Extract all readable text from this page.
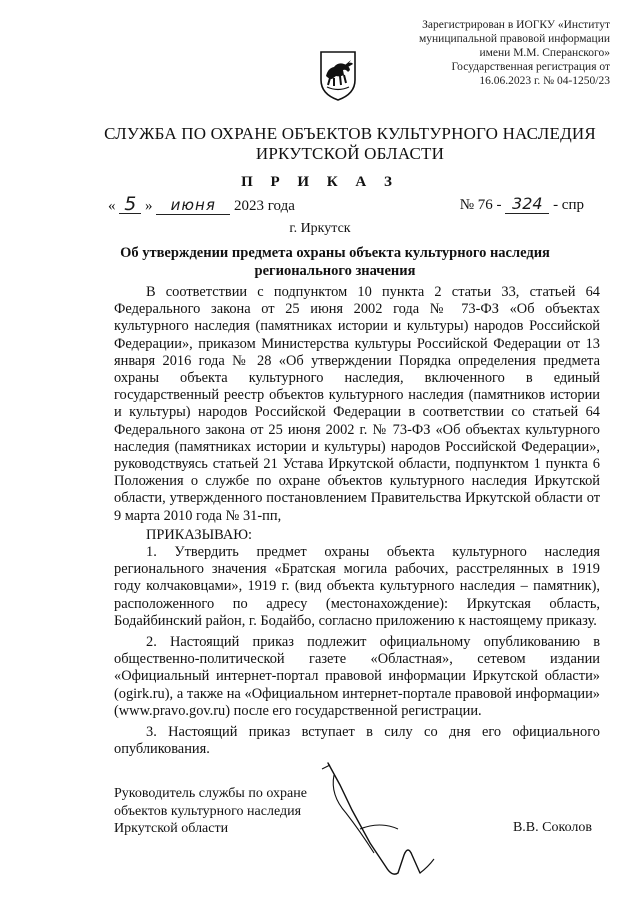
Зарегистрирован в ИОГКУ «Институт
муниципальной правовой информации
имени М.М. Сперанского»
Государственная регистрация от
16.06.2023 г. № 04-1250/23
СЛУЖБА ПО ОХРАНЕ ОБЪЕКТОВ КУЛЬТУРНОГО НАСЛЕДИЯ
ИРКУТСКОЙ ОБЛАСТИ
П Р И К А З
« 5 » июня 2023 года	№ 76 - 324 - спр
г. Иркутск
Об утверждении предмета охраны объекта культурного наследия
регионального значения

В соответствии с подпунктом 10 пункта 2 статьи 33, статьей 64 Федерального закона от 25 июня 2002 года № 73-ФЗ «Об объектах культурного наследия (памятниках истории и культуры) народов Российской Федерации», приказом Министерства культуры Российской Федерации от 13 января 2016 года № 28 «Об утверждении Порядка определения предмета охраны объекта культурного наследия, включенного в единый государственный реестр объектов культурного наследия (памятников истории и культуры) народов Российской Федерации в соответствии со статьей 64 Федерального закона от 25 июня 2002 г. № 73-ФЗ «Об объектах культурного наследия (памятниках истории и культуры) народов Российской Федерации», руководствуясь статьей 21 Устава Иркутской области, подпунктом 1 пункта 6 Положения о службе по охране объектов культурного наследия Иркутской области, утвержденного постановлением Правительства Иркутской области от 9 марта 2010 года № 31-пп,

ПРИКАЗЫВАЮ:

1. Утвердить предмет охраны объекта культурного наследия регионального значения «Братская могила рабочих, расстрелянных в 1919 году колчаковцами», 1919 г. (вид объекта культурного наследия – памятник), расположенного по адресу (местонахождение): Иркутская область, Бодайбинский район, г. Бодайбо, согласно приложению к настоящему приказу.

2. Настоящий приказ подлежит официальному опубликованию в общественно-политической газете «Областная», сетевом издании «Официальный интернет-портал правовой информации Иркутской области» (ogirk.ru), а также на «Официальном интернет-портале правовой информации» (www.pravo.gov.ru) после его государственной регистрации.

3. Настоящий приказ вступает в силу со дня его официального опубликования.

Руководитель службы по охране
объектов культурного наследия
Иркутской области	В.В. Соколов
